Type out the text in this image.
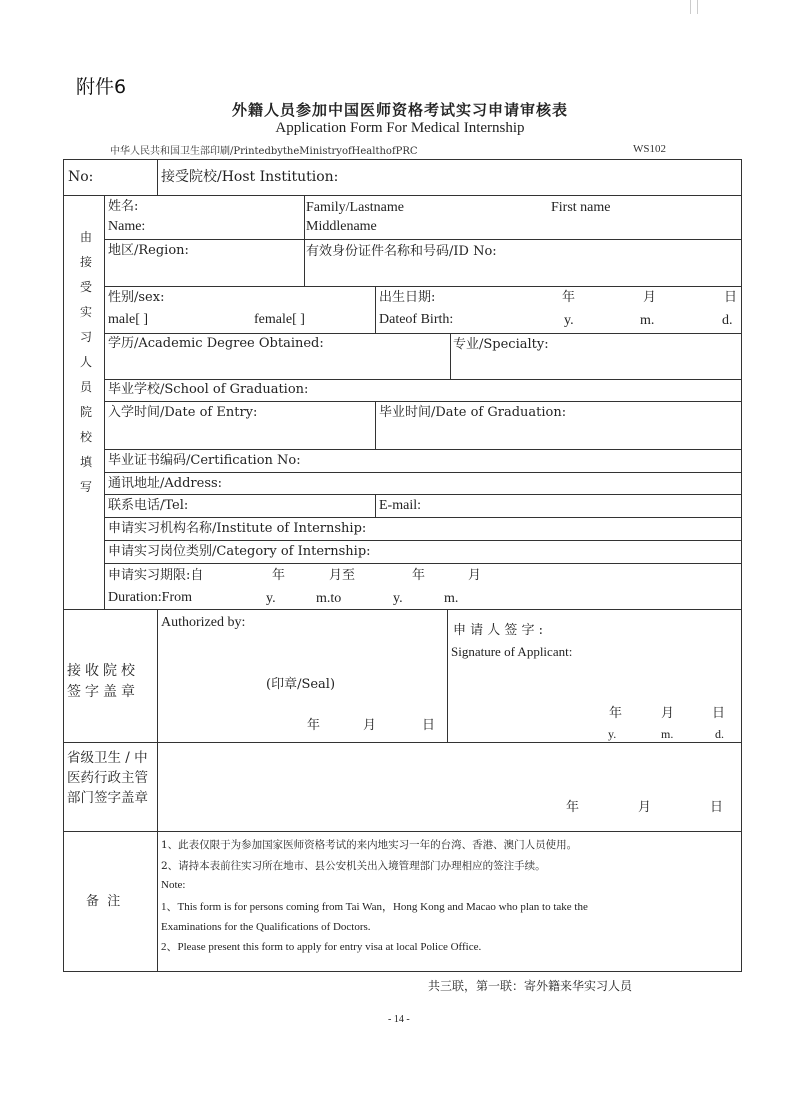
附件6
外籍人员参加中国医师资格考试实习申请审核表
Application Form For Medical Internship
中华人民共和国卫生部印刷/PrintedbytheMinistryofHealthofPRC	WS102
No:	接受院校/Host Institution:
由接受实习人员院校填写
姓名:
Name:
Family/Lastname	First name
Middlename
地区/Region:	有效身份证件名称和号码/ID No:
性别/sex:
male[ ]	female[ ]
出生日期:	年	月	日
Dateof Birth:	y.	m.	d.
学历/Academic Degree Obtained:	专业/Specialty:
毕业学校/School of Graduation:
入学时间/Date of Entry:	毕业时间/Date of Graduation:
毕业证书编码/Certification No:
通讯地址/Address:
联系电话/Tel:	E-mail:
申请实习机构名称/Institute of Internship:
申请实习岗位类别/Category of Internship:
申请实习期限:自	年	月至	年	月
Duration:From	y.	m.to	y.	m.
接收院校签字盖章
Authorized by:
(印章/Seal)
年	月	日
申 请 人 签 字 :
Signature of Applicant:
年	月	日
y.	m.	d.
省级卫生 / 中医药行政主管部门签字盖章
年	月	日
备  注
1、此表仅限于为参加国家医师资格考试的来内地实习一年的台湾、香港、澳门人员使用。
2、请持本表前往实习所在地市、县公安机关出入境管理部门办理相应的签注手续。
Note:
1、This form is for persons coming from Tai Wan，Hong Kong and Macao who plan to take the
Examinations for the Qualifications of Doctors.
2、Please present this form to apply for entry visa at local Police Office.
共三联，第一联：寄外籍来华实习人员
- 14 -
